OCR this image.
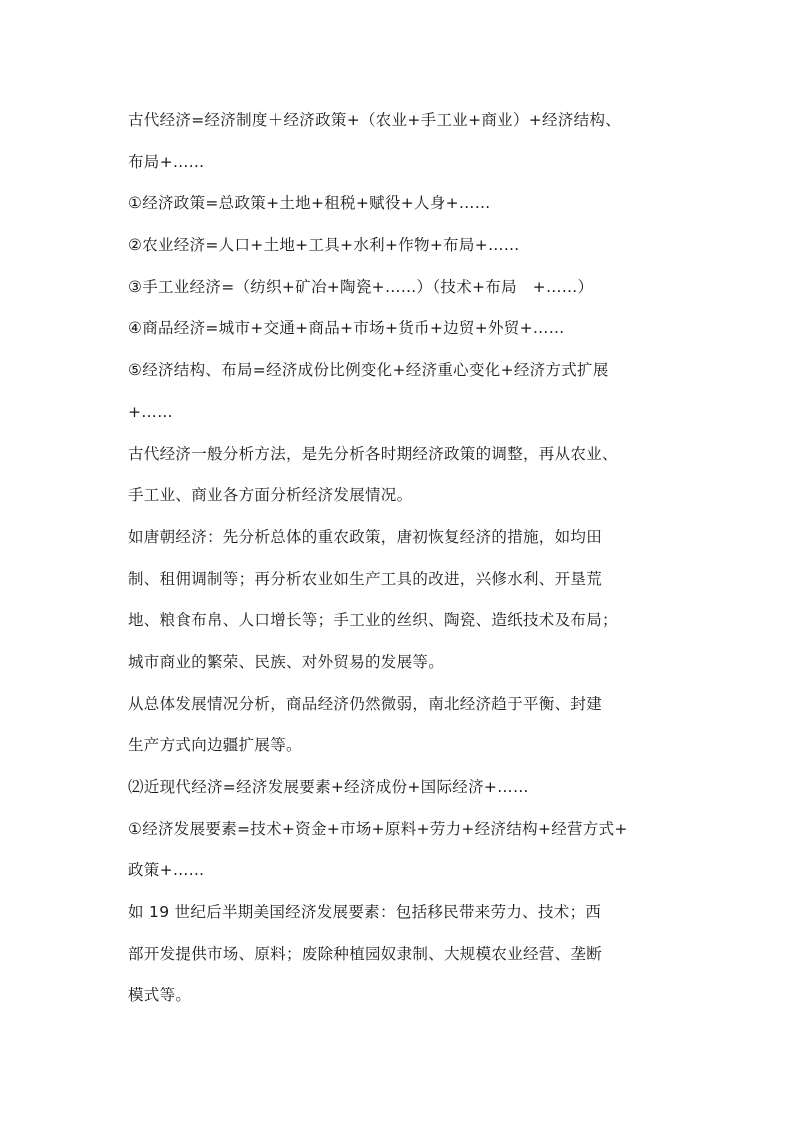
古代经济=经济制度＋经济政策+（农业+手工业+商业）+经济结构、
布局+……
①经济政策=总政策+土地+租税+赋役+人身+……
②农业经济=人口+土地+工具+水利+作物+布局+……
③手工业经济=（纺织+矿冶+陶瓷+……）（技术+布局　+……）
④商品经济=城市+交通+商品+市场+货币+边贸+外贸+……
⑤经济结构、布局=经济成份比例变化+经济重心变化+经济方式扩展
+……
古代经济一般分析方法，是先分析各时期经济政策的调整，再从农业、
手工业、商业各方面分析经济发展情况。
如唐朝经济：先分析总体的重农政策，唐初恢复经济的措施，如均田
制、租佣调制等；再分析农业如生产工具的改进，兴修水利、开垦荒
地、粮食布帛、人口增长等；手工业的丝织、陶瓷、造纸技术及布局；
城市商业的繁荣、民族、对外贸易的发展等。
从总体发展情况分析，商品经济仍然微弱，南北经济趋于平衡、封建
生产方式向边疆扩展等。
⑵近现代经济=经济发展要素+经济成份+国际经济+……
①经济发展要素=技术+资金+市场+原料+劳力+经济结构+经营方式+
政策+……
如 19 世纪后半期美国经济发展要素：包括移民带来劳力、技术；西
部开发提供市场、原料；废除种植园奴隶制、大规模农业经营、垄断
模式等。
